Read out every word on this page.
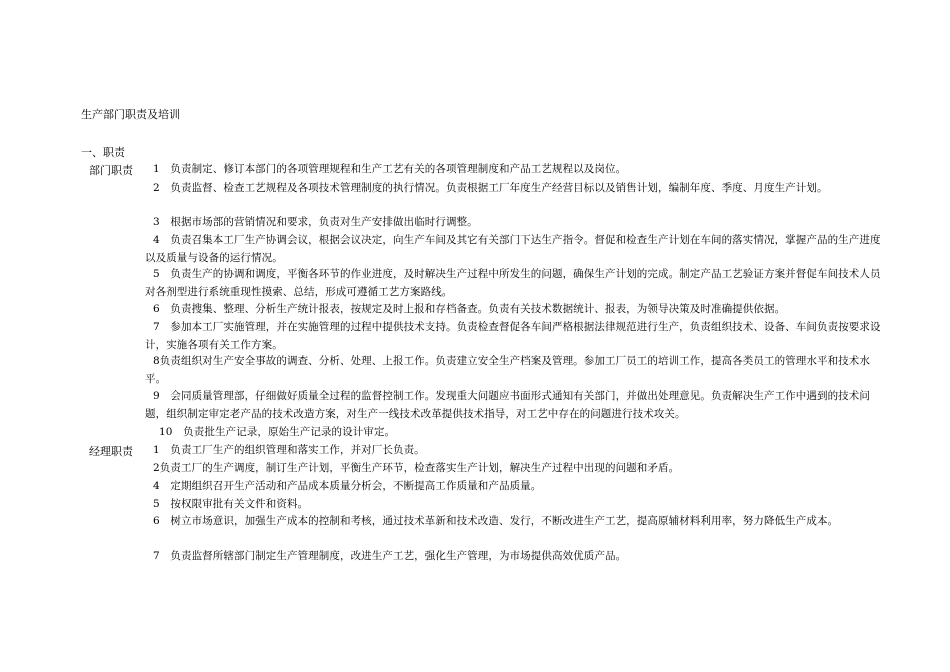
生产部门职责及培训
一、职责
部门职责	1　负责制定、修订本部门的各项管理规程和生产工艺有关的各项管理制度和产品工艺规程以及岗位。
2　负责监督、检查工艺规程及各项技术管理制度的执行情况。负责根据工厂年度生产经营目标以及销售计划，编制年度、季度、月度生产计划。
3　根据市场部的营销情况和要求，负责对生产安排做出临时行调整。
4　负责召集本工厂生产协调会议，根据会议决定，向生产车间及其它有关部门下达生产指令。督促和检查生产计划在车间的落实情况，掌握产品的生产进度以及质量与设备的运行情况。
5　负责生产的协调和调度，平衡各环节的作业进度，及时解决生产过程中所发生的问题，确保生产计划的完成。制定产品工艺验证方案并督促车间技术人员对各剂型进行系统重现性摸索、总结，形成可遵循工艺方案路线。
6　负责搜集、整理、分析生产统计报表，按规定及时上报和存档备查。负责有关技术数据统计、报表，为领导决策及时准确提供依据。
7　参加本工厂实施管理，并在实施管理的过程中提供技术支持。负责检查督促各车间严格根据法律规范进行生产，负责组织技术、设备、车间负责按要求设计，实施各项有关工作方案。
8负责组织对生产安全事故的调查、分析、处理、上报工作。负责建立安全生产档案及管理。参加工厂员工的培训工作，提高各类员工的管理水平和技术水平。
9　会同质量管理部，仔细做好质量全过程的监督控制工作。发现重大问题应书面形式通知有关部门，并做出处理意见。负责解决生产工作中遇到的技术问题，组织制定审定老产品的技术改造方案，对生产一线技术改革提供技术指导，对工艺中存在的问题进行技术攻关。
10　负责批生产记录，原始生产记录的设计审定。
经理职责	1　负责工厂生产的组织管理和落实工作，并对厂长负责。
2负责工厂的生产调度，制订生产计划，平衡生产环节，检查落实生产计划，解决生产过程中出现的问题和矛盾。
4　定期组织召开生产活动和产品成本质量分析会，不断提高工作质量和产品质量。
5　按权限审批有关文件和资料。
6　树立市场意识，加强生产成本的控制和考核，通过技术革新和技术改造、发行，不断改进生产工艺，提高原辅材料利用率，努力降低生产成本。
7　负责监督所辖部门制定生产管理制度，改进生产工艺，强化生产管理，为市场提供高效优质产品。
